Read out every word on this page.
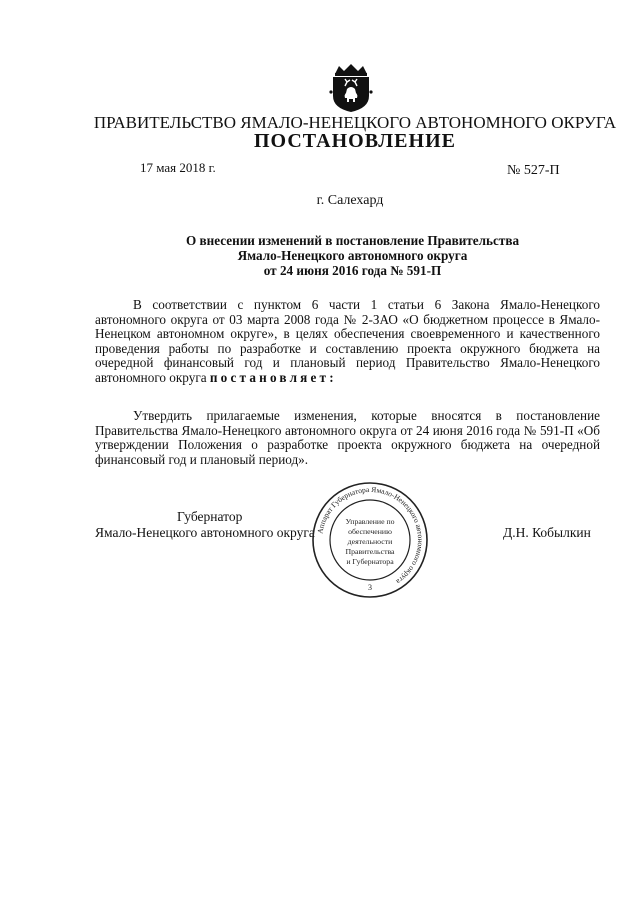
ПРАВИТЕЛЬСТВО ЯМАЛО-НЕНЕЦКОГО АВТОНОМНОГО ОКРУГА
ПОСТАНОВЛЕНИЕ
17 мая 2018 г.	№ 527-П
г. Салехард
О внесении изменений в постановление Правительства
Ямало-Ненецкого автономного округа
от 24 июня 2016 года № 591-П
В соответствии с пунктом 6 части 1 статьи 6 Закона Ямало-Ненецкого автономного округа от 03 марта 2008 года № 2-ЗАО «О бюджетном процессе в Ямало-Ненецком автономном округе», в целях обеспечения своевременного и качественного проведения работы по разработке и составлению проекта окружного бюджета на очередной финансовый год и плановый период Правительство Ямало-Ненецкого автономного округа постановляет:
Утвердить прилагаемые изменения, которые вносятся в постановление Правительства Ямало-Ненецкого автономного округа от 24 июня 2016 года № 591-П «Об утверждении Положения о разработке проекта окружного бюджета на очередной финансовый год и плановый период».
Губернатор
Ямало-Ненецкого автономного округа	Д.Н. Кобылкин
Аппарат Губернатора Ямало-Ненецкого автономного округа
3
Управление по
обеспечению
деятельности
Правительства
и Губернатора
